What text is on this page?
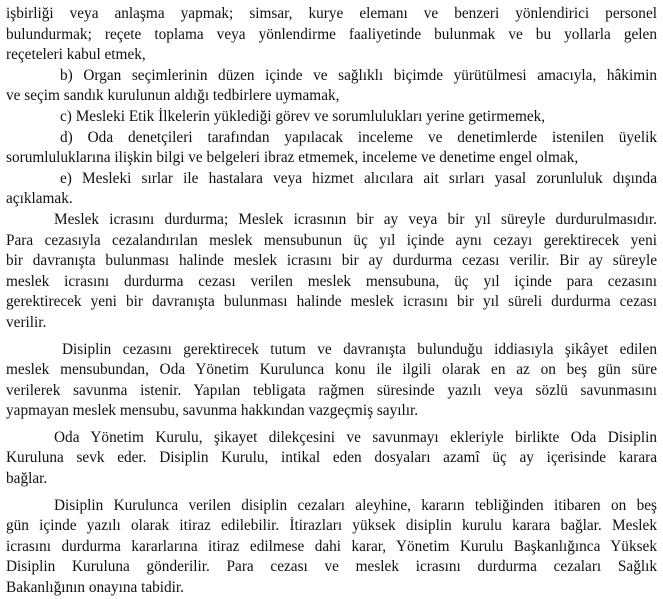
işbirliği veya anlaşma yapmak; simsar, kurye elemanı ve benzeri yönlendirici personel
bulundurmak; reçete toplama veya yönlendirme faaliyetinde bulunmak ve bu yollarla gelen
reçeteleri kabul etmek,
b) Organ seçimlerinin düzen içinde ve sağlıklı biçimde yürütülmesi amacıyla, hâkimin
ve seçim sandık kurulunun aldığı tedbirlere uymamak,
c) Mesleki Etik İlkelerin yüklediği görev ve sorumlulukları yerine getirmemek,
d) Oda denetçileri tarafından yapılacak inceleme ve denetimlerde istenilen üyelik
sorumluluklarına ilişkin bilgi ve belgeleri ibraz etmemek, inceleme ve denetime engel olmak,
e) Mesleki sırlar ile hastalara veya hizmet alıcılara ait sırları yasal zorunluluk dışında
açıklamak.
Meslek icrasını durdurma; Meslek icrasının bir ay veya bir yıl süreyle durdurulmasıdır.
Para cezasıyla cezalandırılan meslek mensubunun üç yıl içinde aynı cezayı gerektirecek yeni
bir davranışta bulunması halinde meslek icrasını bir ay durdurma cezası verilir. Bir ay süreyle
meslek icrasını durdurma cezası verilen meslek mensubuna, üç yıl içinde para cezasını
gerektirecek yeni bir davranışta bulunması halinde meslek icrasını bir yıl süreli durdurma cezası
verilir.
Disiplin cezasını gerektirecek tutum ve davranışta bulunduğu iddiasıyla şikâyet edilen
meslek mensubundan, Oda Yönetim Kurulunca konu ile ilgili olarak en az on beş gün süre
verilerek savunma istenir. Yapılan tebligata rağmen süresinde yazılı veya sözlü savunmasını
yapmayan meslek mensubu, savunma hakkından vazgeçmiş sayılır.
Oda Yönetim Kurulu, şikayet dilekçesini ve savunmayı ekleriyle birlikte Oda Disiplin
Kuruluna sevk eder. Disiplin Kurulu, intikal eden dosyaları azamî üç ay içerisinde karara
bağlar.
Disiplin Kurulunca verilen disiplin cezaları aleyhine, kararın tebliğinden itibaren on beş
gün içinde yazılı olarak itiraz edilebilir. İtirazları yüksek disiplin kurulu karara bağlar. Meslek
icrasını durdurma kararlarına itiraz edilmese dahi karar, Yönetim Kurulu Başkanlığınca Yüksek
Disiplin Kuruluna gönderilir. Para cezası ve meslek icrasını durdurma cezaları Sağlık
Bakanlığının onayına tabidir.
